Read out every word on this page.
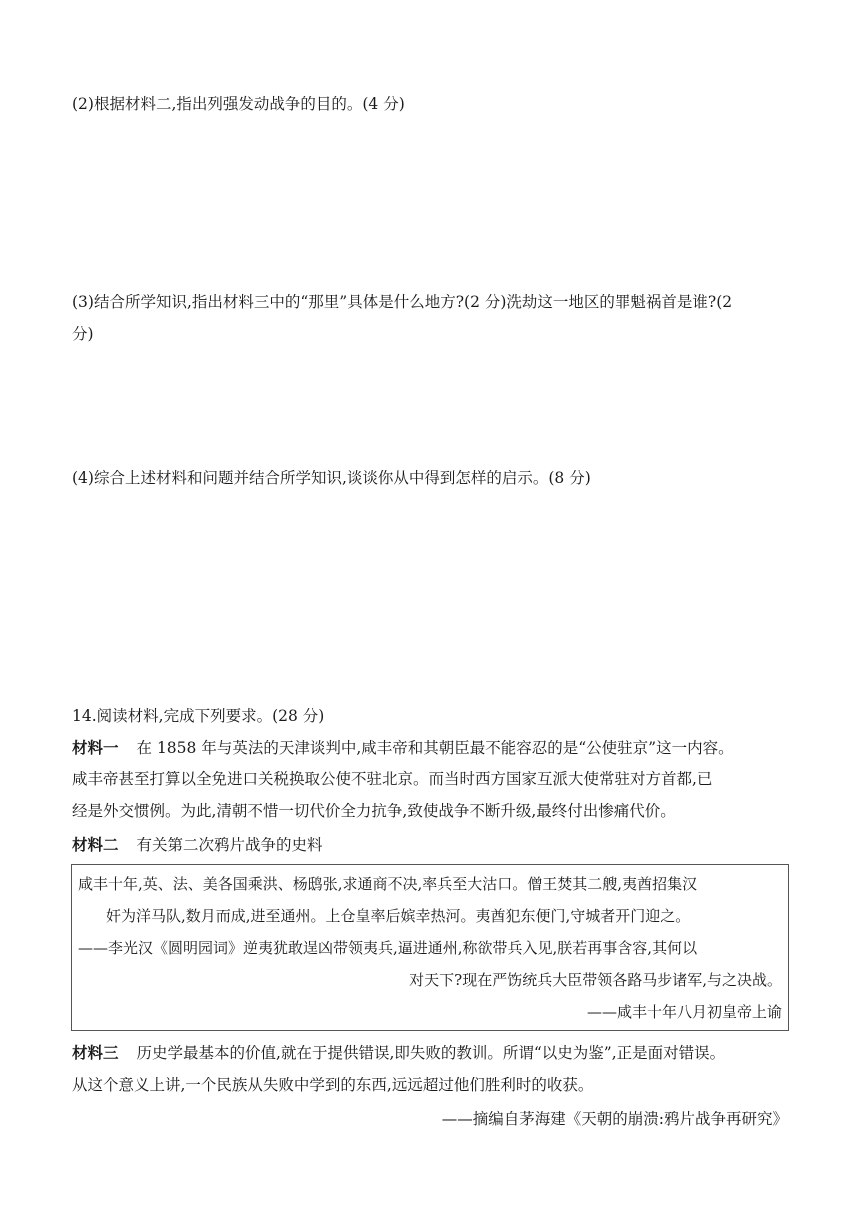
(2)根据材料二,指出列强发动战争的目的。(4 分)
(3)结合所学知识,指出材料三中的“那里”具体是什么地方?(2 分)洗劫这一地区的罪魁祸首是谁?(2
分)
(4)综合上述材料和问题并结合所学知识,谈谈你从中得到怎样的启示。(8 分)
14.阅读材料,完成下列要求。(28 分)
材料一 在 1858 年与英法的天津谈判中,咸丰帝和其朝臣最不能容忍的是“公使驻京”这一内容。
咸丰帝甚至打算以全免进口关税换取公使不驻北京。而当时西方国家互派大使常驻对方首都,已
经是外交惯例。为此,清朝不惜一切代价全力抗争,致使战争不断升级,最终付出惨痛代价。
材料二 有关第二次鸦片战争的史料
咸丰十年,英、法、美各国乘洪、杨鸱张,求通商不决,率兵至大沽口。僧王焚其二艘,夷酋招集汉
奸为洋马队,数月而成,进至通州。上仓皇率后嫔幸热河。夷酋犯东便门,守城者开门迎之。
——李光汉《圆明园词》逆夷犹敢逞凶带领夷兵,逼进通州,称欲带兵入见,朕若再事含容,其何以
对天下?现在严饬统兵大臣带领各路马步诸军,与之决战。
——咸丰十年八月初皇帝上谕
材料三 历史学最基本的价值,就在于提供错误,即失败的教训。所谓“以史为鉴”,正是面对错误。
从这个意义上讲,一个民族从失败中学到的东西,远远超过他们胜利时的收获。
——摘编自茅海建《天朝的崩溃:鸦片战争再研究》
